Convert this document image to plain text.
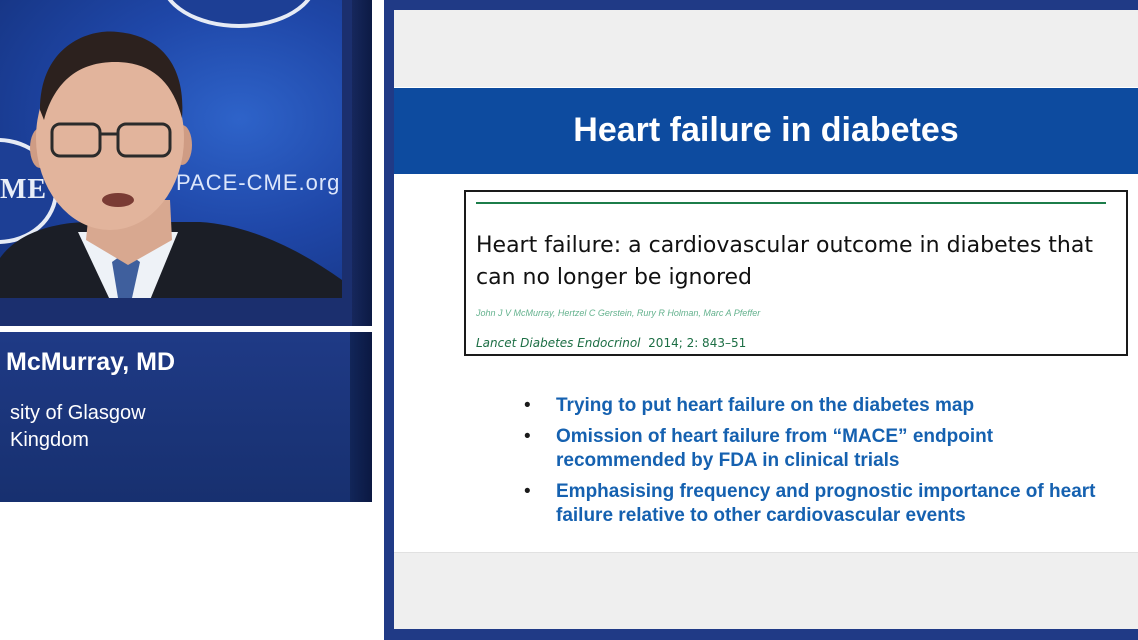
ME	PACE-CME.org
McMurray, MD
sity of Glasgow
Kingdom
Heart failure in diabetes
Heart failure: a cardiovascular outcome in diabetes that can no longer be ignored
John J V McMurray, Hertzel C Gerstein, Rury R Holman, Marc A Pfeffer
Lancet Diabetes Endocrinol 2014; 2: 843–51
• Trying to put heart failure on the diabetes map
• Omission of heart failure from “MACE” endpoint recommended by FDA in clinical trials
• Emphasising frequency and prognostic importance of heart failure relative to other cardiovascular events
